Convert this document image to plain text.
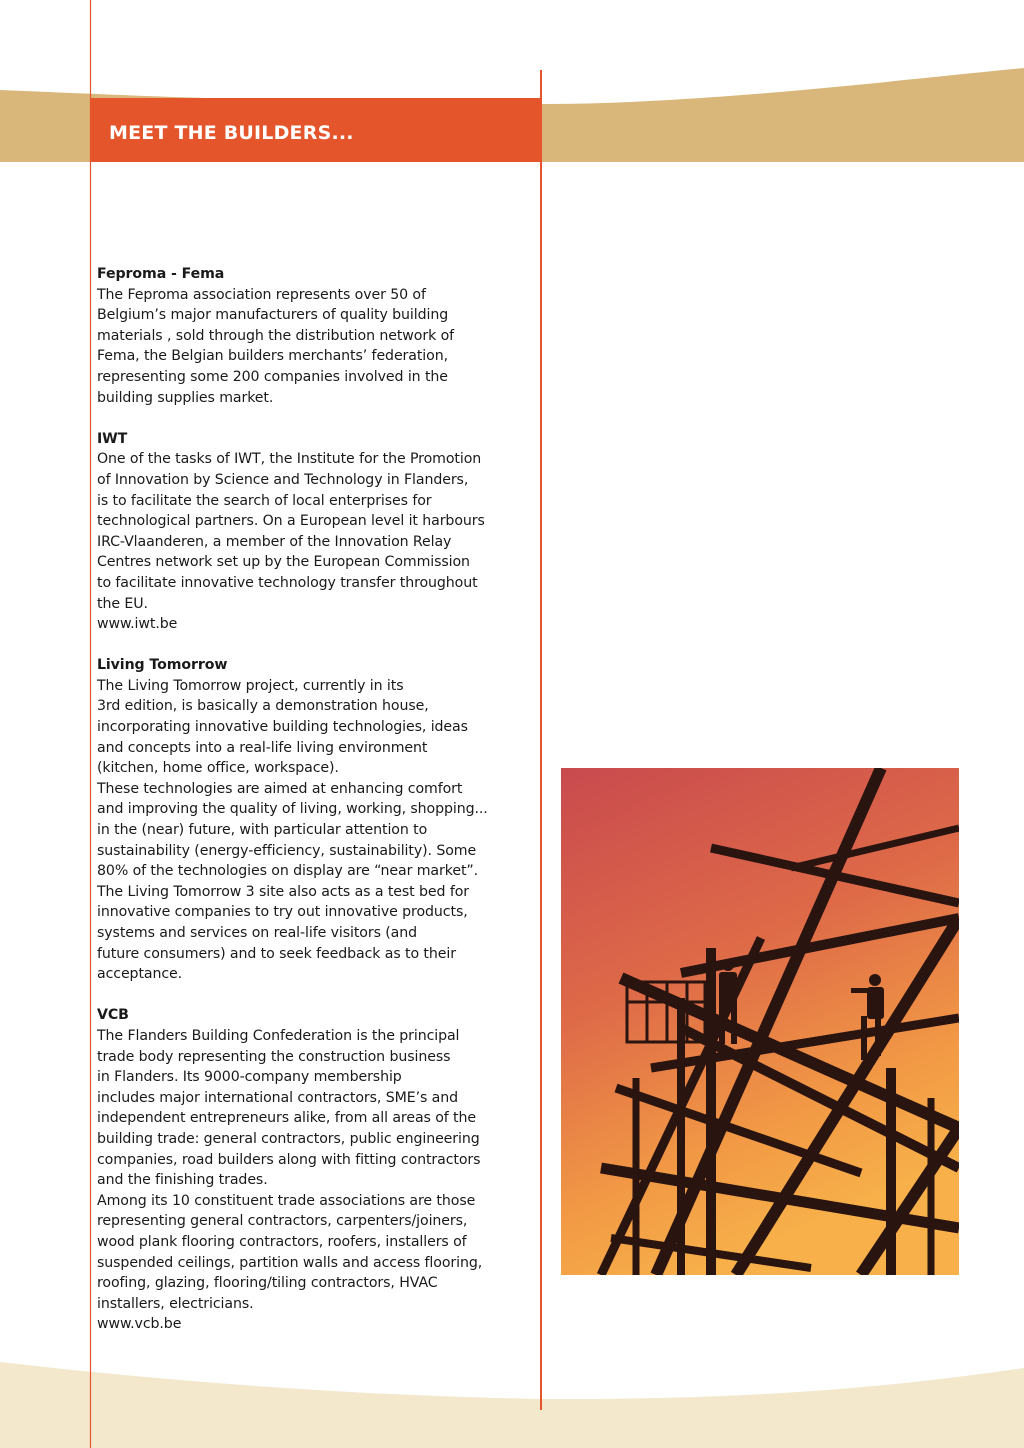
MEET THE BUILDERS...
Feproma - Fema
The Feproma association represents over 50 of
Belgium’s major manufacturers of quality building
materials , sold through the distribution network of
Fema, the Belgian builders merchants’ federation,
representing some 200 companies involved in the
building supplies market.
IWT
One of the tasks of IWT, the Institute for the Promotion
of Innovation by Science and Technology in Flanders,
is to facilitate the search of local enterprises for
technological partners. On a European level it harbours
IRC-Vlaanderen, a member of the Innovation Relay
Centres network set up by the European Commission
to facilitate innovative technology transfer throughout
the EU.
www.iwt.be
Living Tomorrow
The Living Tomorrow project, currently in its
3rd edition, is basically a demonstration house,
incorporating innovative building technologies, ideas
and concepts into a real-life living environment
(kitchen, home office, workspace).
These technologies are aimed at enhancing comfort
and improving the quality of living, working, shopping...
in the (near) future, with particular attention to
sustainability (energy-efficiency, sustainability). Some
80% of the technologies on display are “near market”.
The Living Tomorrow 3 site also acts as a test bed for
innovative companies to try out innovative products,
systems and services on real-life visitors (and
future consumers) and to seek feedback as to their
acceptance.
VCB
The Flanders Building Confederation is the principal
trade body representing the construction business
in Flanders. Its 9000-company membership
includes major international contractors, SME’s and
independent entrepreneurs alike, from all areas of the
building trade: general contractors, public engineering
companies, road builders along with fitting contractors
and the finishing trades.
Among its 10 constituent trade associations are those
representing general contractors, carpenters/joiners,
wood plank flooring contractors, roofers, installers of
suspended ceilings, partition walls and access flooring,
roofing, glazing, flooring/tiling contractors, HVAC
installers, electricians.
www.vcb.be
